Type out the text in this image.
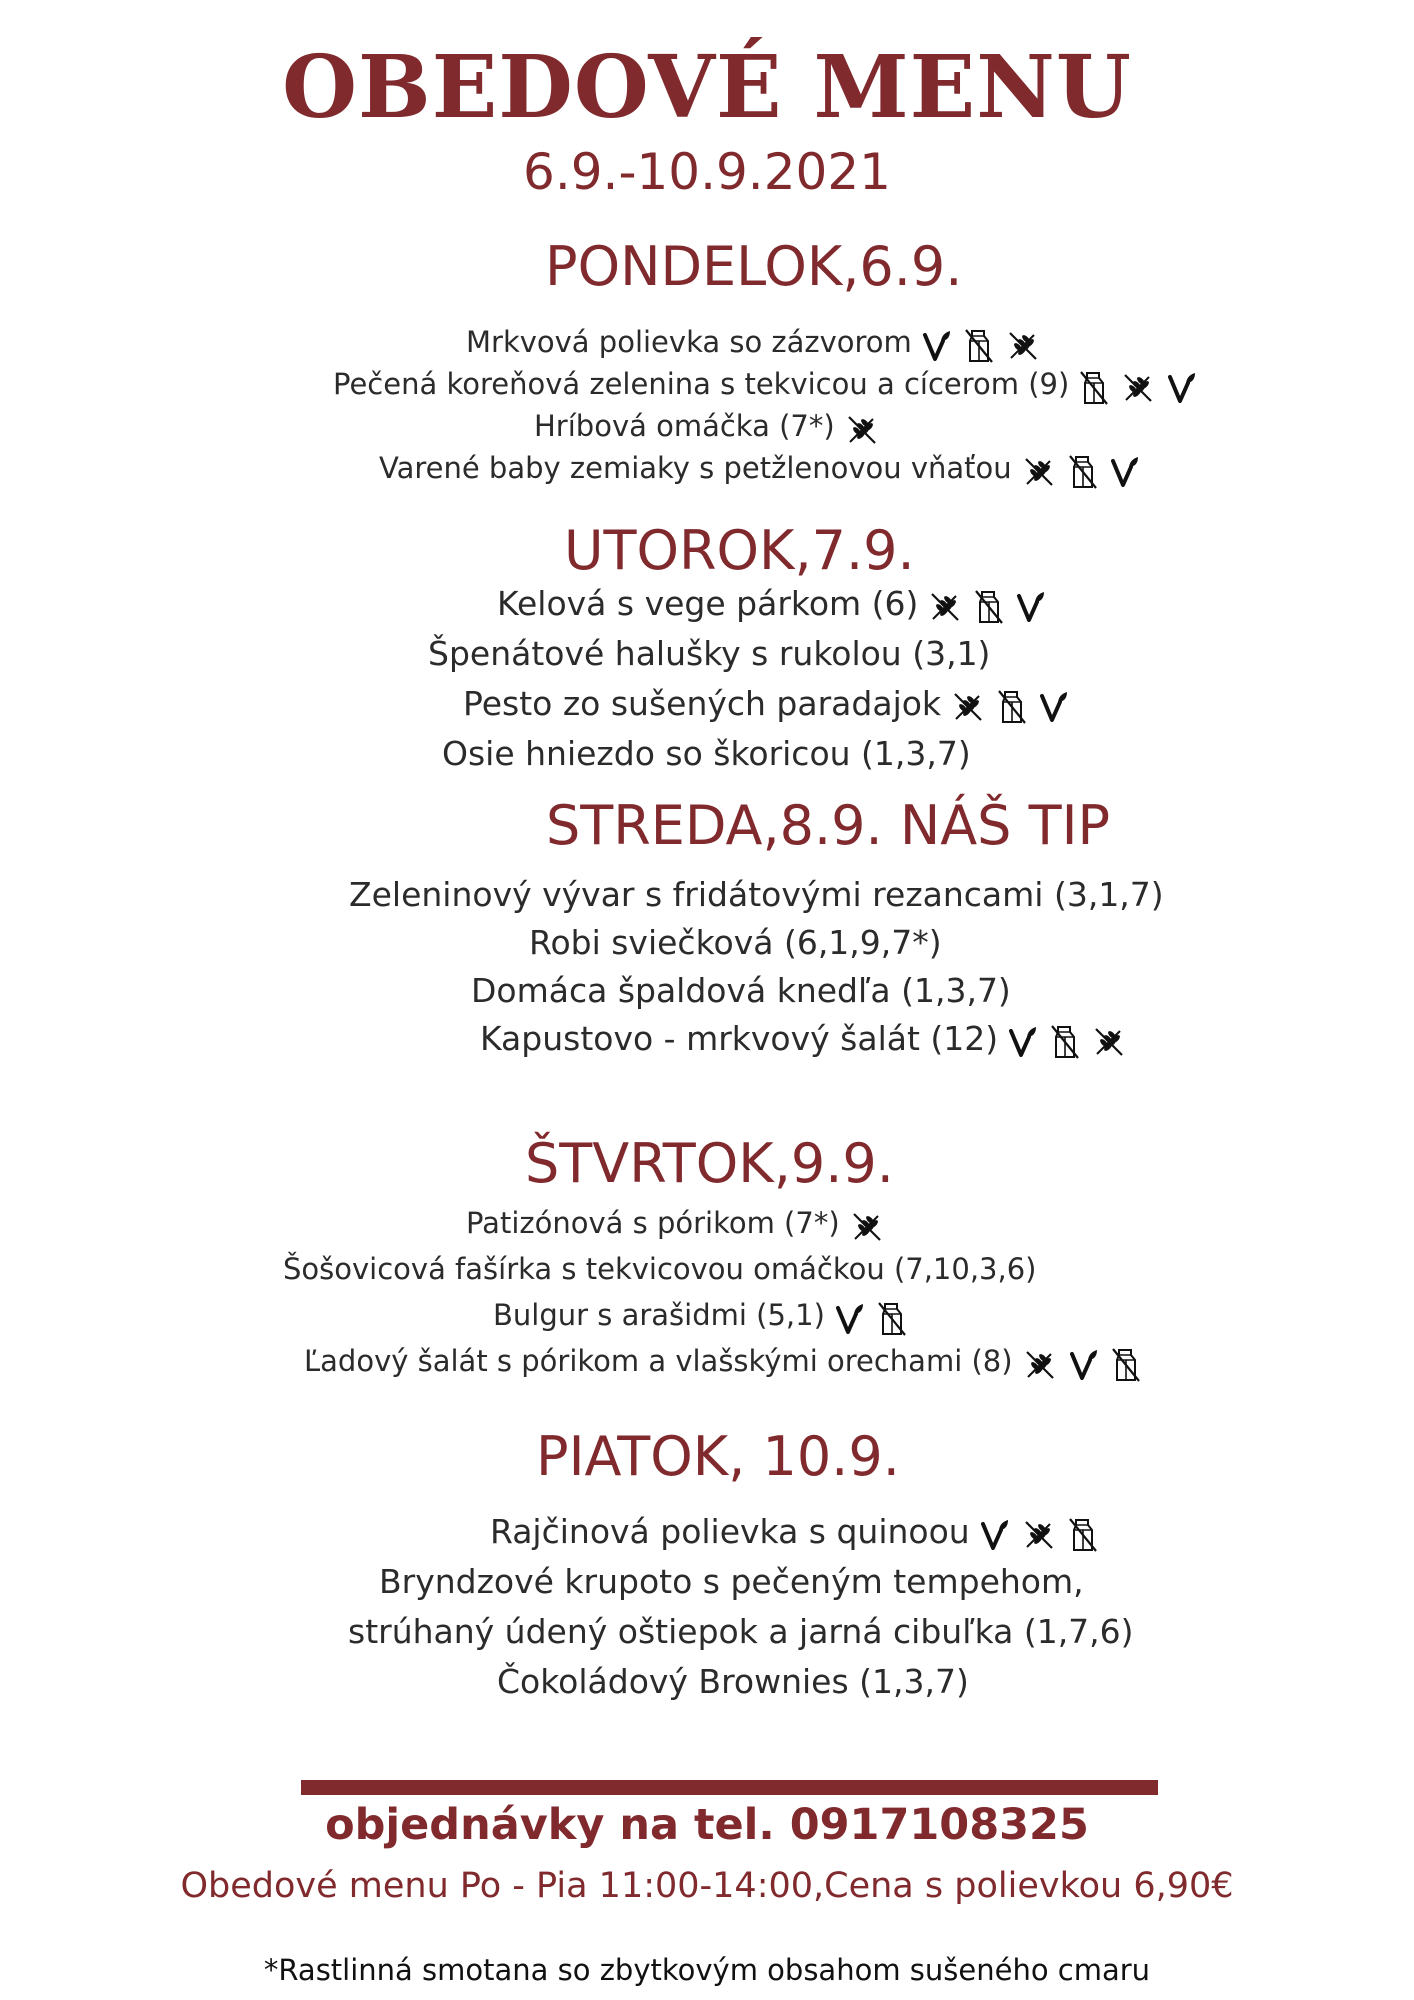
OBEDOVÉ MENU
6.9.-10.9.2021
PONDELOK,6.9.
Mrkvová polievka so zázvorom
Pečená koreňová zelenina s tekvicou a cícerom (9)
Hríbová omáčka (7*)
Varené baby zemiaky s petžlenovou vňaťou
UTOROK,7.9.
Kelová s vege párkom (6)
Špenátové halušky s rukolou (3,1)
Pesto zo sušených paradajok
Osie hniezdo so škoricou (1,3,7)
STREDA,8.9. NÁŠ TIP
Zeleninový vývar s fridátovými rezancami (3,1,7)
Robi sviečková (6,1,9,7*)
Domáca špaldová knedľa (1,3,7)
Kapustovo - mrkvový šalát (12)
ŠTVRTOK,9.9.
Patizónová s pórikom (7*)
Šošovicová fašírka s tekvicovou omáčkou (7,10,3,6)
Bulgur s arašidmi (5,1)
Ľadový šalát s pórikom a vlašskými orechami (8)
PIATOK, 10.9.
Rajčinová polievka s quinoou
Bryndzové krupoto s pečeným tempehom,
strúhaný údený oštiepok a jarná cibuľka (1,7,6)
Čokoládový Brownies (1,3,7)
objednávky na tel. 0917108325
Obedové menu Po - Pia 11:00-14:00,Cena s polievkou 6,90€
*Rastlinná smotana so zbytkovým obsahom sušeného cmaru
